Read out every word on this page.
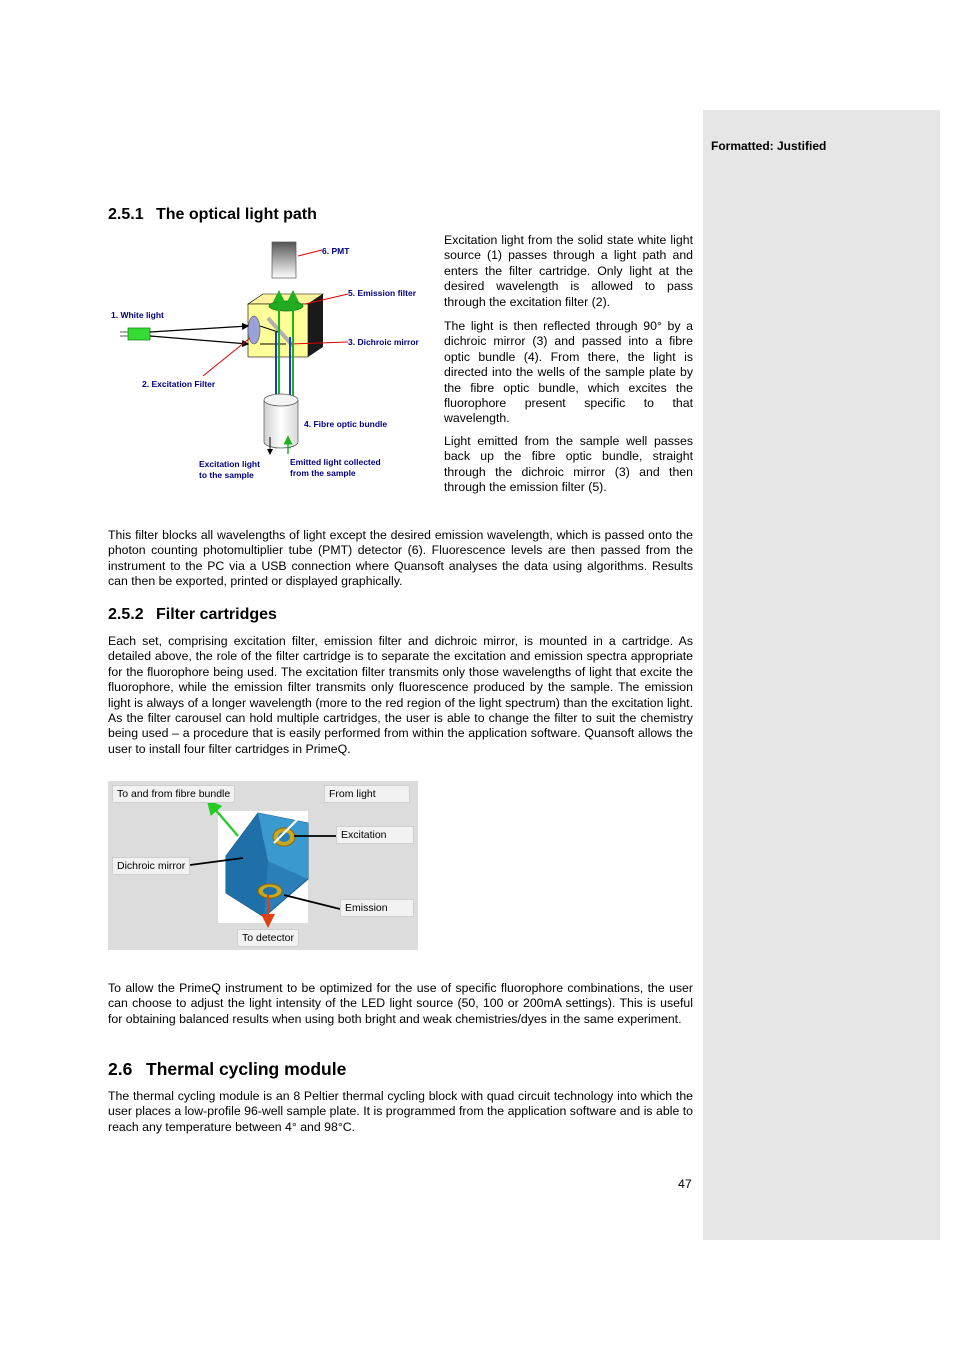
Formatted: Justified
2.5.1 The optical light path
6. PMT
5. Emission filter
3. Dichroic mirror
1. White light
2. Excitation Filter
4. Fibre optic bundle
Excitation light
to the sample
Emitted light collected
from the sample

Excitation light from the solid state white light source (1) passes through a light path and enters the filter cartridge. Only light at the desired wavelength is allowed to pass through the excitation filter (2).

The light is then reflected through 90° by a dichroic mirror (3) and passed into a fibre optic bundle (4). From there, the light is directed into the wells of the sample plate by the fibre optic bundle, which excites the fluorophore present specific to that wavelength.

Light emitted from the sample well passes back up the fibre optic bundle, straight through the dichroic mirror (3) and then through the emission filter (5).

This filter blocks all wavelengths of light except the desired emission wavelength, which is passed onto the photon counting photomultiplier tube (PMT) detector (6). Fluorescence levels are then passed from the instrument to the PC via a USB connection where Quansoft analyses the data using algorithms. Results can then be exported, printed or displayed graphically.

2.5.2 Filter cartridges

Each set, comprising excitation filter, emission filter and dichroic mirror, is mounted in a cartridge. As detailed above, the role of the filter cartridge is to separate the excitation and emission spectra appropriate for the fluorophore being used. The excitation filter transmits only those wavelengths of light that excite the fluorophore, while the emission filter transmits only fluorescence produced by the sample. The emission light is always of a longer wavelength (more to the red region of the light spectrum) than the excitation light. As the filter carousel can hold multiple cartridges, the user is able to change the filter to suit the chemistry being used – a procedure that is easily performed from within the application software. Quansoft allows the user to install four filter cartridges in PrimeQ.

To and from fibre bundle	From light
Excitation
Dichroic mirror
Emission
To detector

To allow the PrimeQ instrument to be optimized for the use of specific fluorophore combinations, the user can choose to adjust the light intensity of the LED light source (50, 100 or 200mA settings). This is useful for obtaining balanced results when using both bright and weak chemistries/dyes in the same experiment.

2.6 Thermal cycling module

The thermal cycling module is an 8 Peltier thermal cycling block with quad circuit technology into which the user places a low-profile 96-well sample plate. It is programmed from the application software and is able to reach any temperature between 4° and 98°C.

47
